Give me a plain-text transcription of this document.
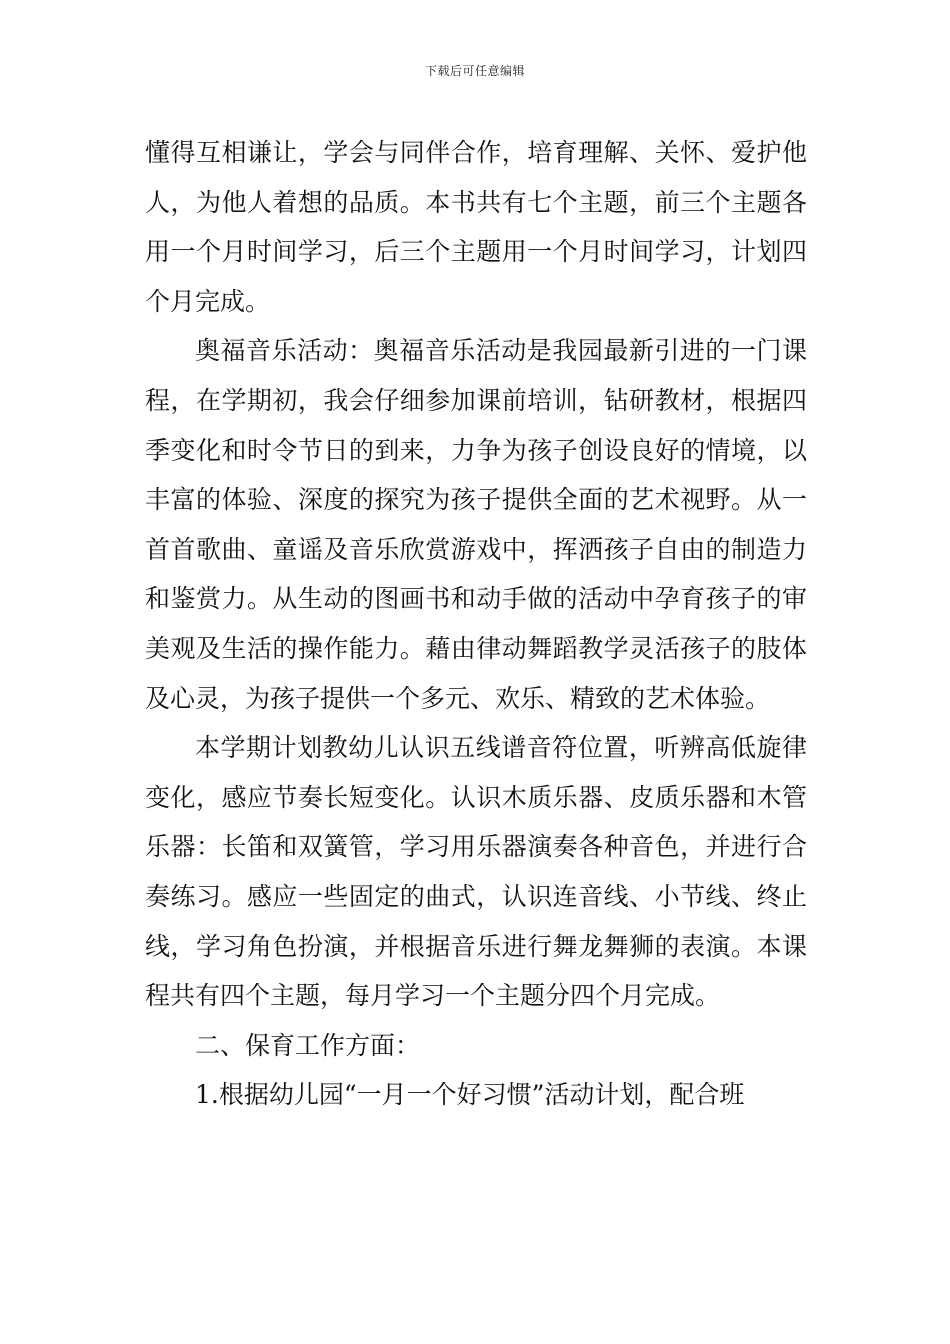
下载后可任意编辑

懂得互相谦让，学会与同伴合作，培育理解、关怀、爱护他人，为他人着想的品质。本书共有七个主题，前三个主题各用一个月时间学习，后三个主题用一个月时间学习，计划四个月完成。

奥福音乐活动：奥福音乐活动是我园最新引进的一门课程，在学期初，我会仔细参加课前培训，钻研教材，根据四季变化和时令节日的到来，力争为孩子创设良好的情境，以丰富的体验、深度的探究为孩子提供全面的艺术视野。从一首首歌曲、童谣及音乐欣赏游戏中，挥洒孩子自由的制造力和鉴赏力。从生动的图画书和动手做的活动中孕育孩子的审美观及生活的操作能力。藉由律动舞蹈教学灵活孩子的肢体及心灵，为孩子提供一个多元、欢乐、精致的艺术体验。

本学期计划教幼儿认识五线谱音符位置，听辨高低旋律变化，感应节奏长短变化。认识木质乐器、皮质乐器和木管乐器：长笛和双簧管，学习用乐器演奏各种音色，并进行合奏练习。感应一些固定的曲式，认识连音线、小节线、终止线，学习角色扮演，并根据音乐进行舞龙舞狮的表演。本课程共有四个主题，每月学习一个主题分四个月完成。

二、保育工作方面：

1.根据幼儿园“一月一个好习惯”活动计划，配合班
